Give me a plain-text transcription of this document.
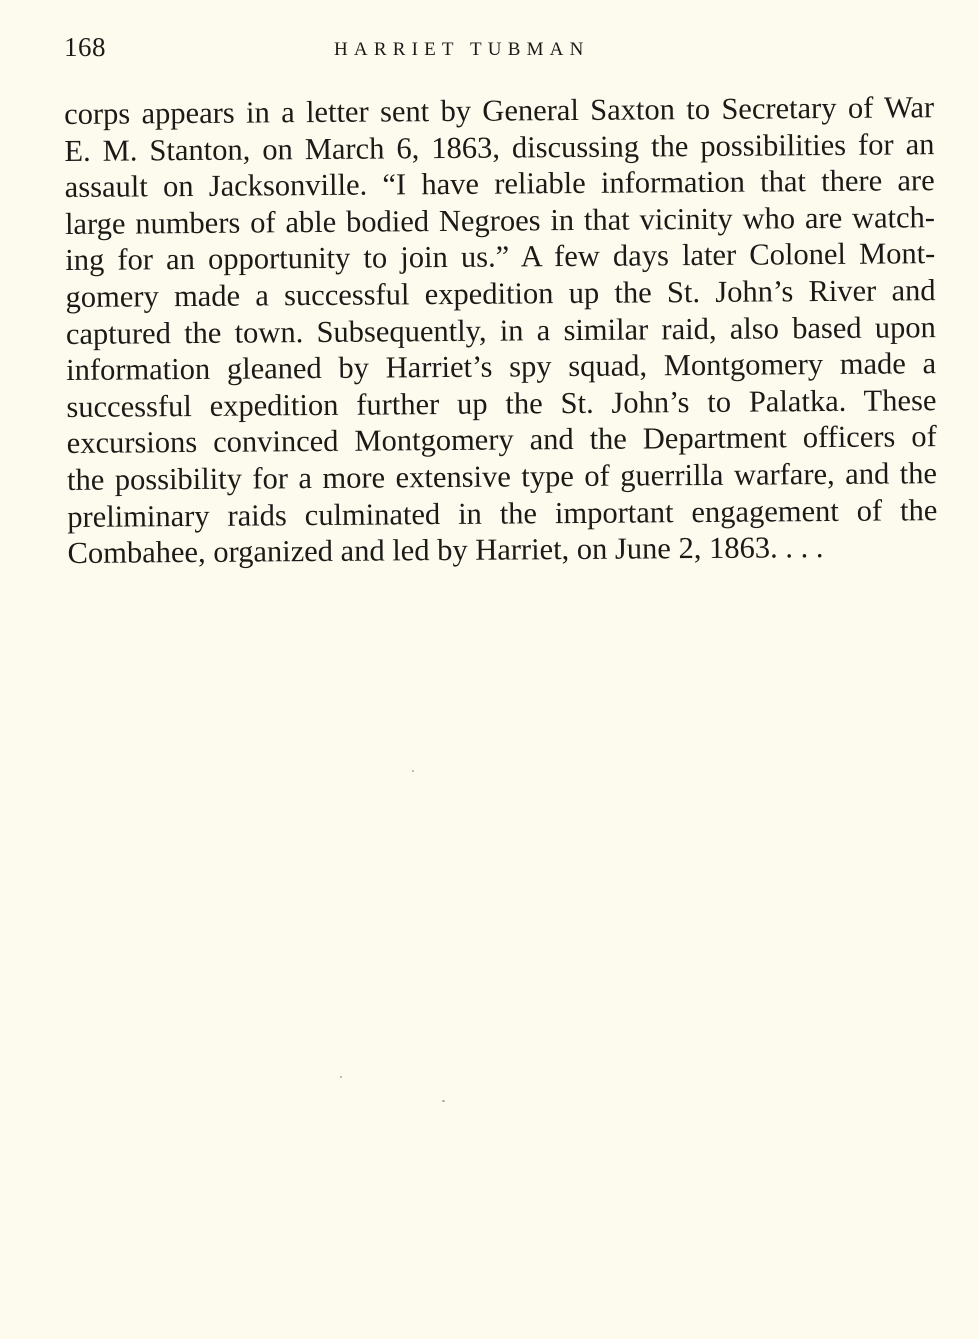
168	HARRIET TUBMAN
corps appears in a letter sent by General Saxton to Secretary of War
E. M. Stanton, on March 6, 1863, discussing the possibilities for an
assault on Jacksonville. “I have reliable information that there are
large numbers of able bodied Negroes in that vicinity who are watch-
ing for an opportunity to join us.” A few days later Colonel Mont-
gomery made a successful expedition up the St. John’s River and
captured the town. Subsequently, in a similar raid, also based upon
information gleaned by Harriet’s spy squad, Montgomery made a
successful expedition further up the St. John’s to Palatka. These
excursions convinced Montgomery and the Department officers of
the possibility for a more extensive type of guerrilla warfare, and the
preliminary raids culminated in the important engagement of the
Combahee, organized and led by Harriet, on June 2, 1863. . . .
